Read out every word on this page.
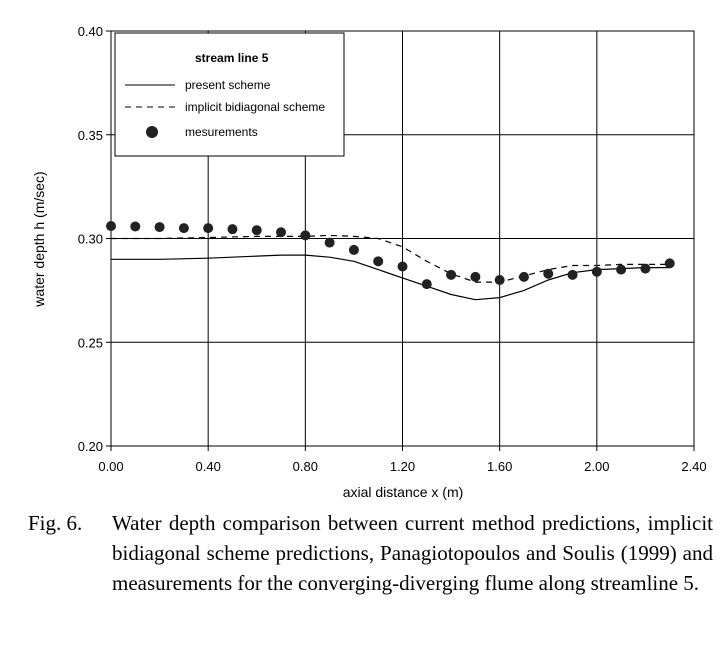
0.00	0.40	0.80	1.20	1.60	2.00	2.40
0.20
0.25
0.30
0.35
0.40
stream line 5
present scheme
implicit bidiagonal scheme
mesurements
axial distance x (m)
water depth h (m/sec)
Fig. 6. Water depth comparison between current method predictions, implicit bidiagonal scheme predictions, Panagiotopoulos and Soulis (1999) and measurements for the converging-diverging flume along streamline 5.
